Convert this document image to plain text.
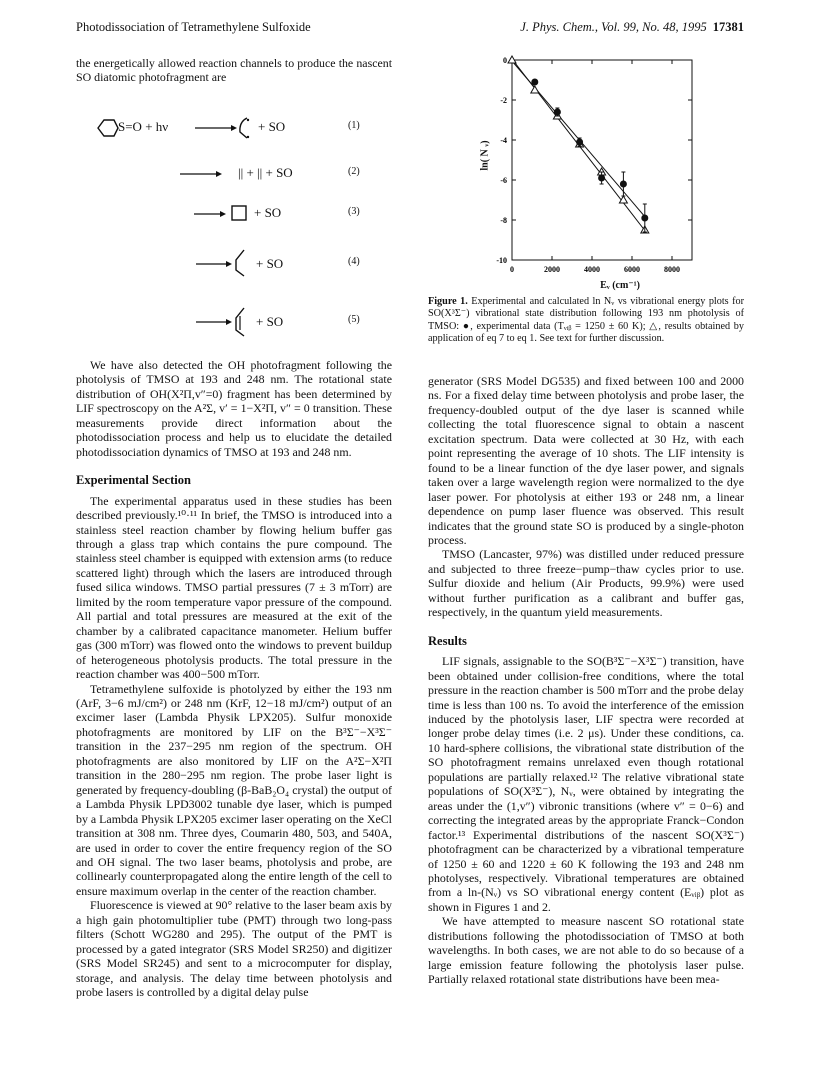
Photodissociation of Tetramethylene Sulfoxide	J. Phys. Chem., Vol. 99, No. 48, 1995 17381

the energetically allowed reaction channels to produce the nascent SO diatomic photofragment are

S=O + hν	+ SO	(1)
|| + || + SO	(2)
+ SO	(3)
+ SO	(4)
+ SO	(5)

We have also detected the OH photofragment following the photolysis of TMSO at 193 and 248 nm. The rotational state distribution of OH(X²Π,v″=0) fragment has been determined by LIF spectroscopy on the A²Σ, v′ = 1−X²Π, v″ = 0 transition. These measurements provide direct information about the photodissociation process and help us to elucidate the detailed photodissociation dynamics of TMSO at 193 and 248 nm.

Experimental Section

The experimental apparatus used in these studies has been described previously.¹⁰·¹¹ In brief, the TMSO is introduced into a stainless steel reaction chamber by flowing helium buffer gas through a glass trap which contains the pure compound. The stainless steel chamber is equipped with extension arms (to reduce scattered light) through which the lasers are introduced through fused silica windows. TMSO partial pressures (7 ± 3 mTorr) are limited by the room temperature vapor pressure of the compound. All partial and total pressures are measured at the exit of the chamber by a calibrated capacitance manometer. Helium buffer gas (300 mTorr) was flowed onto the windows to prevent buildup of heterogeneous photolysis products. The total pressure in the reaction chamber was 400−500 mTorr.

Tetramethylene sulfoxide is photolyzed by either the 193 nm (ArF, 3−6 mJ/cm²) or 248 nm (KrF, 12−18 mJ/cm²) output of an excimer laser (Lambda Physik LPX205). Sulfur monoxide photofragments are monitored by LIF on the B³Σ⁻−X³Σ⁻ transition in the 237−295 nm region of the spectrum. OH photofragments are also monitored by LIF on the A²Σ−X²Π transition in the 280−295 nm region. The probe laser light is generated by frequency-doubling (β-BaB₂O₄ crystal) the output of a Lambda Physik LPD3002 tunable dye laser, which is pumped by a Lambda Physik LPX205 excimer laser operating on the XeCl transition at 308 nm. Three dyes, Coumarin 480, 503, and 540A, are used in order to cover the entire frequency region of the SO and OH signal. The two laser beams, photolysis and probe, are collinearly counterpropagated along the entire length of the cell to ensure maximum overlap in the center of the reaction chamber.

Fluorescence is viewed at 90° relative to the laser beam axis by a high gain photomultiplier tube (PMT) through two long-pass filters (Schott WG280 and 295). The output of the PMT is processed by a gated integrator (SRS Model SR250) and digitizer (SRS Model SR245) and sent to a microcomputer for display, storage, and analysis. The delay time between photolysis and probe lasers is controlled by a digital delay pulse

0	2000	4000	6000	8000
0
-2
-4
-6
-8
-10
ln( N ᵥ)
Eᵥ (cm⁻¹)
Figure 1. Experimental and calculated ln Nᵥ vs vibrational energy plots for SO(X³Σ⁻) vibrational state distribution following 193 nm photolysis of TMSO: ●, experimental data (Tᵥᵢᵦ = 1250 ± 60 K); △, results obtained by application of eq 7 to eq 1. See text for further discussion.

generator (SRS Model DG535) and fixed between 100 and 2000 ns. For a fixed delay time between photolysis and probe laser, the frequency-doubled output of the dye laser is scanned while collecting the total fluorescence signal to obtain a nascent excitation spectrum. Data were collected at 30 Hz, with each point representing the average of 10 shots. The LIF intensity is found to be a linear function of the dye laser power, and signals taken over a large wavelength region were normalized to the dye laser power. For photolysis at either 193 or 248 nm, a linear dependence on pump laser fluence was observed. This result indicates that the ground state SO is produced by a single-photon process.

TMSO (Lancaster, 97%) was distilled under reduced pressure and subjected to three freeze−pump−thaw cycles prior to use. Sulfur dioxide and helium (Air Products, 99.9%) were used without further purification as a calibrant and buffer gas, respectively, in the quantum yield measurements.

Results

LIF signals, assignable to the SO(B³Σ⁻−X³Σ⁻) transition, have been obtained under collision-free conditions, where the total pressure in the reaction chamber is 500 mTorr and the probe delay time is less than 100 ns. To avoid the interference of the emission induced by the photolysis laser, LIF spectra were recorded at longer probe delay times (i.e. 2 μs). Under these conditions, ca. 10 hard-sphere collisions, the vibrational state distribution of the SO photofragment remains unrelaxed even though rotational populations are partially relaxed.¹² The relative vibrational state populations of SO(X³Σ⁻), Nᵥ, were obtained by integrating the areas under the (1,v″) vibronic transitions (where v″ = 0−6) and correcting the integrated areas by the appropriate Franck−Condon factor.¹³ Experimental distributions of the nascent SO(X³Σ⁻) photofragment can be characterized by a vibrational temperature of 1250 ± 60 and 1220 ± 60 K following the 193 and 248 nm photolyses, respectively. Vibrational temperatures are obtained from a ln-(Nᵥ) vs SO vibrational energy content (Eᵥᵢᵦ) plot as shown in Figures 1 and 2.

We have attempted to measure nascent SO rotational state distributions following the photodissociation of TMSO at both wavelengths. In both cases, we are not able to do so because of a large emission feature following the photolysis laser pulse. Partially relaxed rotational state distributions have been mea-
